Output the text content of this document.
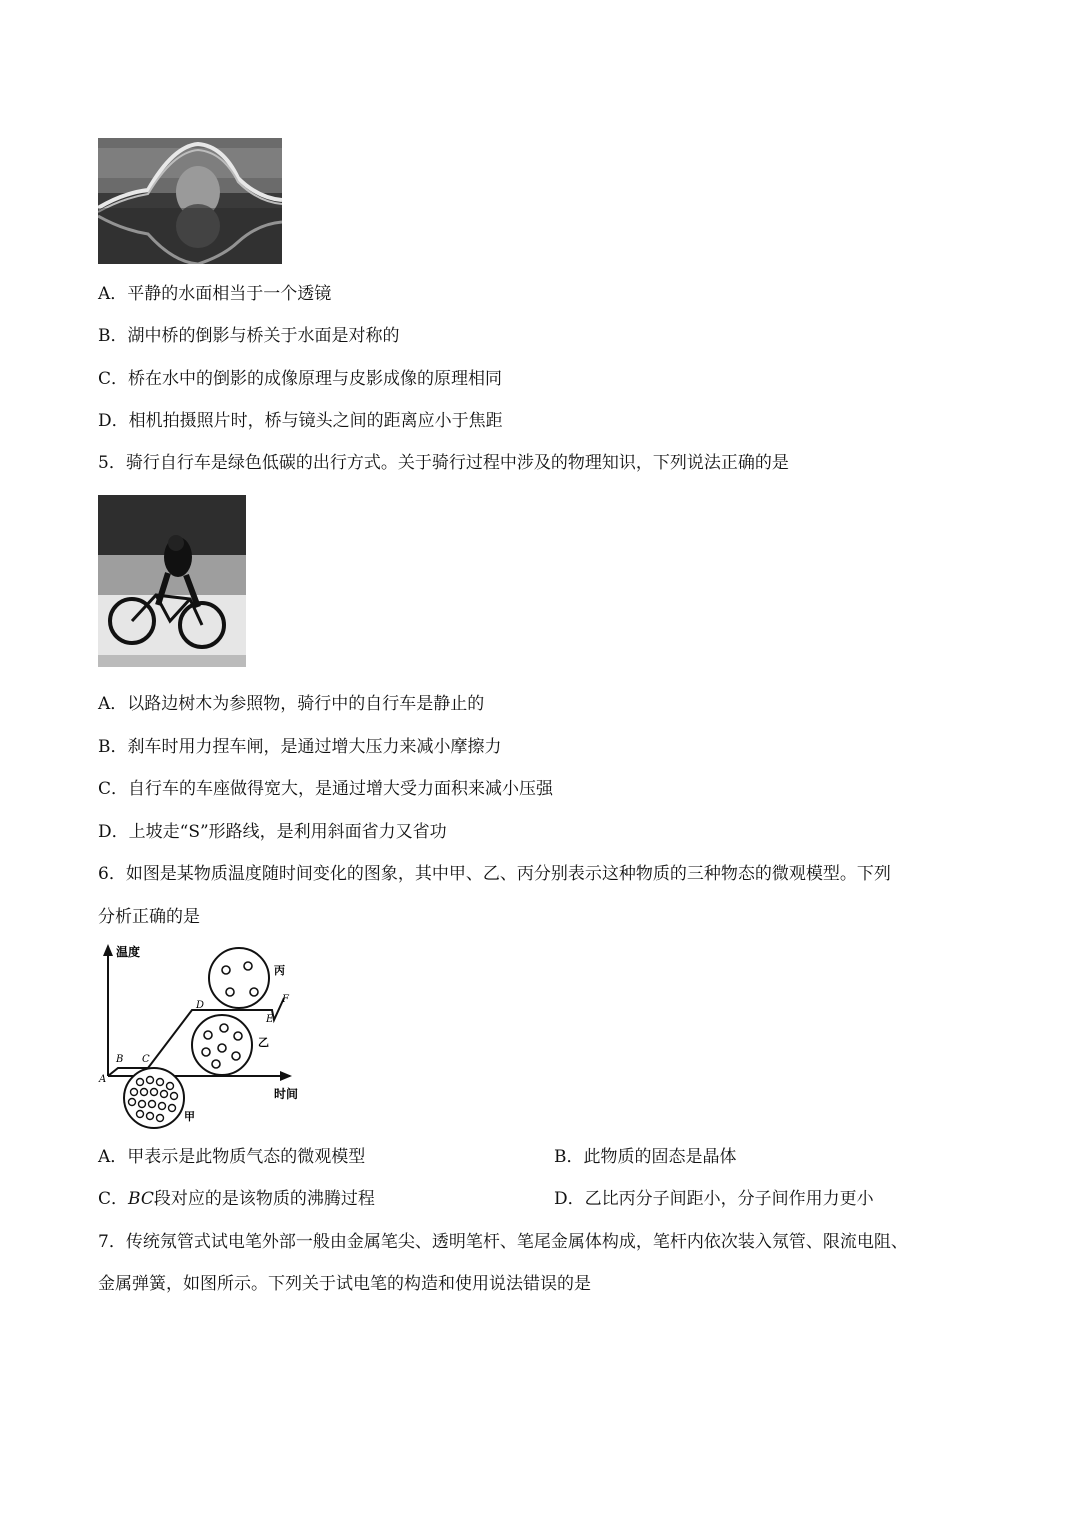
A．平静的水面相当于一个透镜
B．湖中桥的倒影与桥关于水面是对称的
C．桥在水中的倒影的成像原理与皮影成像的原理相同
D．相机拍摄照片时，桥与镜头之间的距离应小于焦距
5．骑行自行车是绿色低碳的出行方式。关于骑行过程中涉及的物理知识，下列说法正确的是
A．以路边树木为参照物，骑行中的自行车是静止的
B．刹车时用力捏车闸，是通过增大压力来减小摩擦力
C．自行车的车座做得宽大，是通过增大受力面积来减小压强
D．上坡走“S”形路线，是利用斜面省力又省功
6．如图是某物质温度随时间变化的图象，其中甲、乙、丙分别表示这种物质的三种物态的微观模型。下列
分析正确的是
温度
时间
A
B C
D
E
F
丙
乙
甲
A．甲表示是此物质气态的微观模型	B．此物质的固态是晶体
C．BC段对应的是该物质的沸腾过程	D．乙比丙分子间距小，分子间作用力更小
7．传统氖管式试电笔外部一般由金属笔尖、透明笔杆、笔尾金属体构成，笔杆内依次装入氖管、限流电阻、
金属弹簧，如图所示。下列关于试电笔的构造和使用说法错误的是
